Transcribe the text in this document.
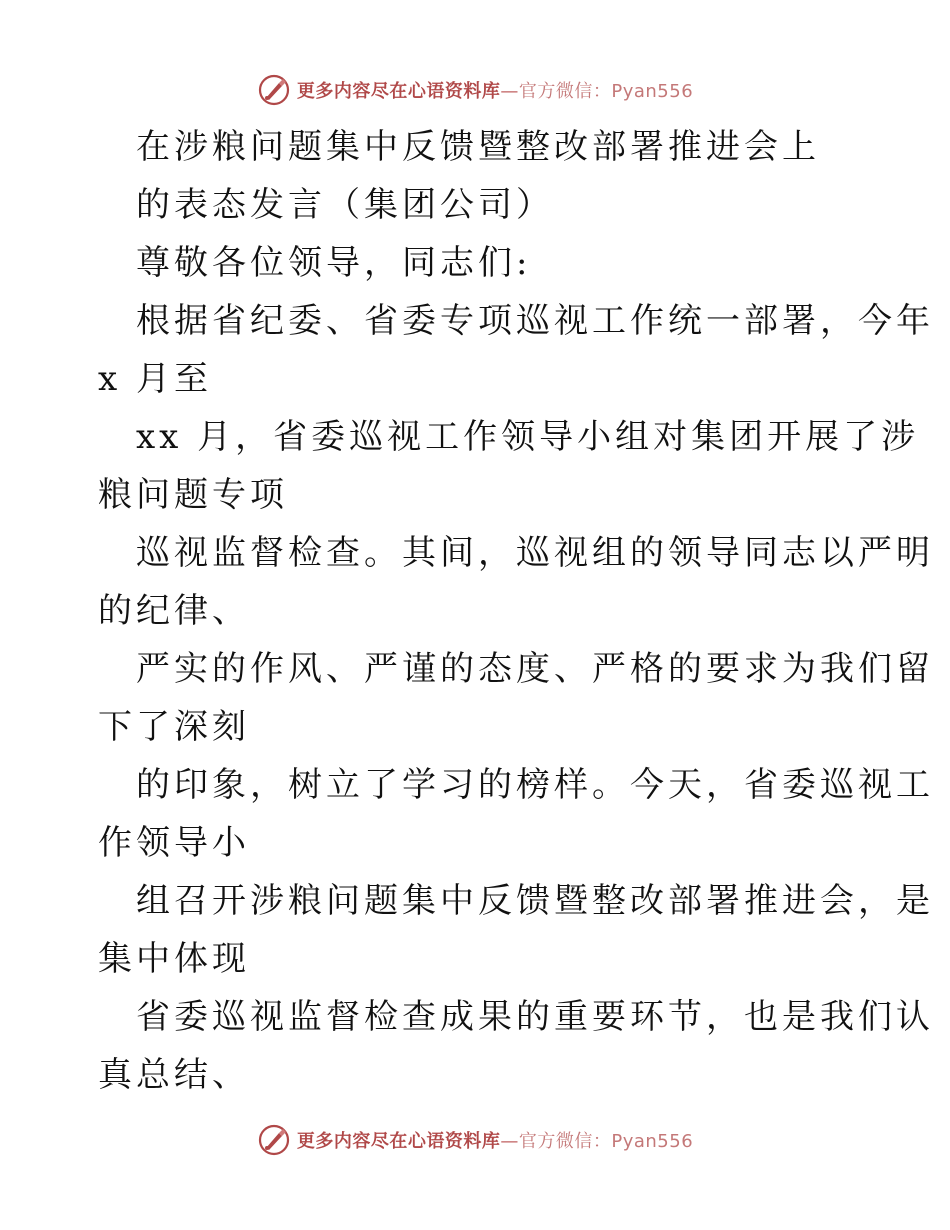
更多内容尽在心语资料库—官方微信：Pyan556
在涉粮问题集中反馈暨整改部署推进会上
的表态发言（集团公司）
尊敬各位领导，同志们:
根据省纪委、省委专项巡视工作统一部署，今年
x 月至
xx 月，省委巡视工作领导小组对集团开展了涉
粮问题专项
巡视监督检查。其间，巡视组的领导同志以严明
的纪律、
严实的作风、严谨的态度、严格的要求为我们留
下了深刻
的印象，树立了学习的榜样。今天，省委巡视工
作领导小
组召开涉粮问题集中反馈暨整改部署推进会，是
集中体现
省委巡视监督检查成果的重要环节，也是我们认
真总结、
更多内容尽在心语资料库—官方微信：Pyan556
